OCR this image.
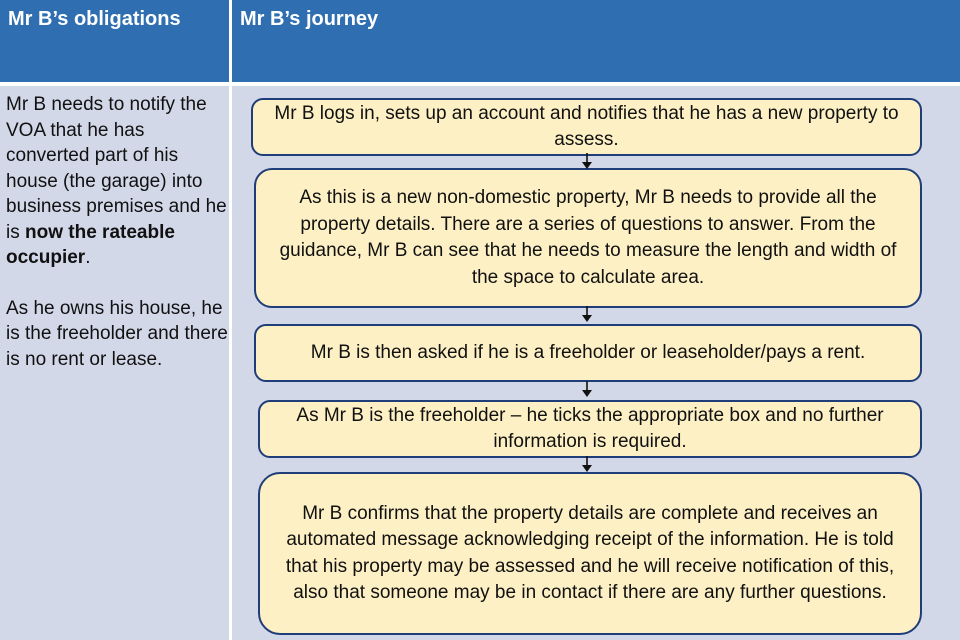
Mr B’s obligations	Mr B’s journey

Mr B needs to notify the VOA that he has converted part of his house (the garage) into business premises and he is now the rateable occupier.

As he owns his house, he is the freeholder and there is no rent or lease.

Mr B logs in, sets up an account and notifies that he has a new property to assess.
As this is a new non-domestic property, Mr B needs to provide all the property details. There are a series of questions to answer. From the guidance, Mr B can see that he needs to measure the length and width of the space to calculate area.
Mr B is then asked if he is a freeholder or leaseholder/pays a rent.
As Mr B is the freeholder – he ticks the appropriate box and no further information is required.
Mr B confirms that the property details are complete and receives an automated message acknowledging receipt of the information. He is told that his property may be assessed and he will receive notification of this, also that someone may be in contact if there are any further questions.
